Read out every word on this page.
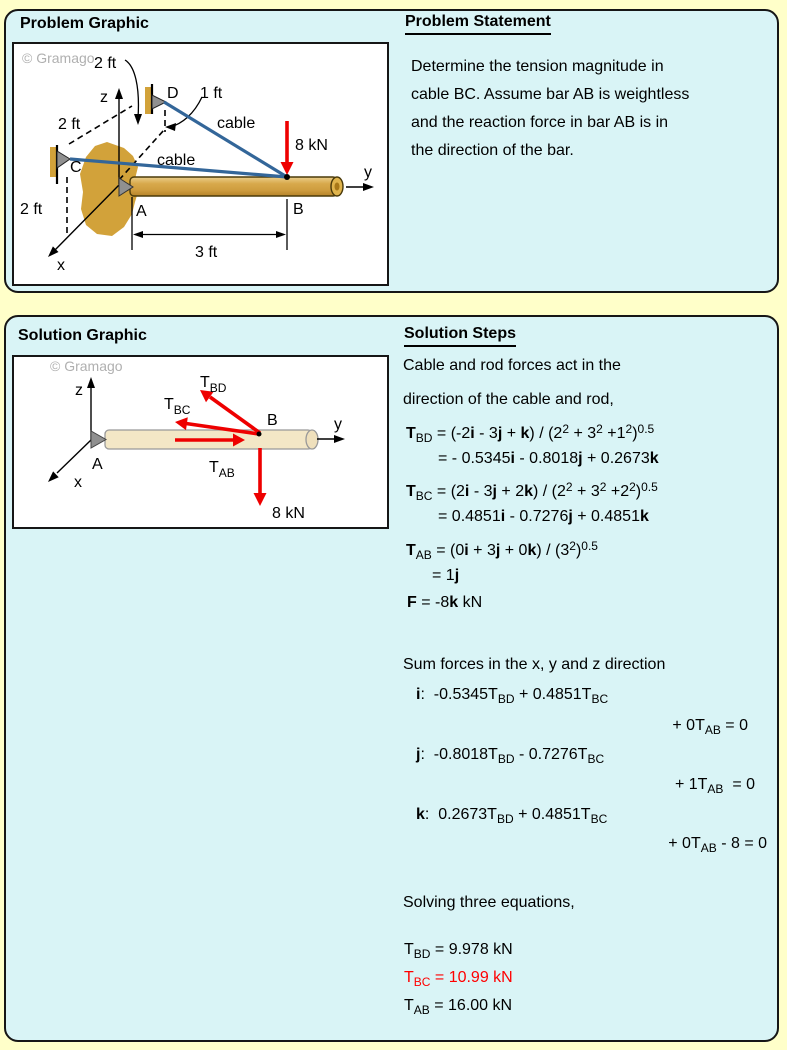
Problem Graphic
© Gramago 2 ft
z	D 1 ft
cable
2 ft
cable
C
8 kN
y
2 ft	A	B
3 ft
x
Problem Statement
Determine the tension magnitude in
cable BC. Assume bar AB is weightless
and the reaction force in bar AB is in
the direction of the bar.
Solution Graphic
© Gramago
z
x
A
B	y
$T_{BD}$
$T_{BC}$
$T_{AB}$
8 kN
Solution Steps
Cable and rod forces act in the
direction of the cable and rod,
$T_{BD} = (-2i - 3j + k) / (2^2 + 3^2 +1^2)^{0.5}$
= - 0.5345i - 0.8018j + 0.2673k
$T_{BC} = (2i - 3j + 2k) / (2^2 + 3^2 +2^2)^{0.5}$
= 0.4851i - 0.7276j + 0.4851k
$T_{AB} = (0i + 3j + 0k) / (3^2)^{0.5}$
= 1j
F = -8k kN
Sum forces in the x, y and z direction
i:  $-0.5345T_{BD} + 0.4851T_{BC}$
+ $0T_{AB} = 0$
j:  $-0.8018T_{BD} - 0.7276T_{BC}$
+ $1T_{AB} = 0$
k:  $0.2673T_{BD} + 0.4851T_{BC}$
+ $0T_{AB} - 8 = 0$
Solving three equations,
$T_{BD} = 9.978$ kN
$T_{BC} = 10.99$ kN
$T_{AB} = 16.00$ kN
